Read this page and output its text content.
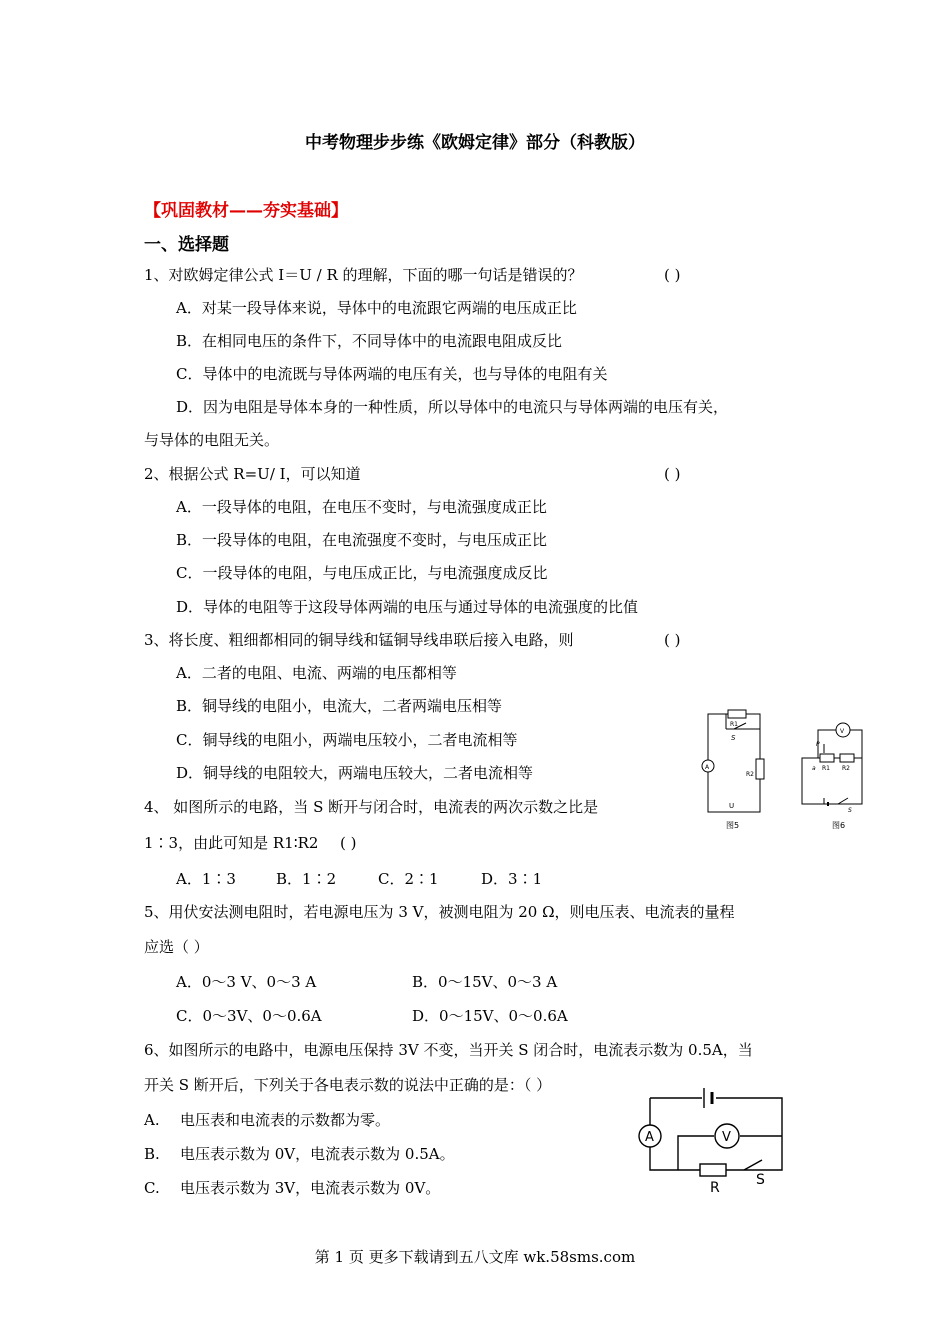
中考物理步步练《欧姆定律》部分（科教版）
【巩固教材——夯实基础】
一、选择题
1、对欧姆定律公式 I＝U / R 的理解，下面的哪一句话是错误的？	( )
A．对某一段导体来说，导体中的电流跟它两端的电压成正比
B．在相同电压的条件下，不同导体中的电流跟电阻成反比
C．导体中的电流既与导体两端的电压有关，也与导体的电阻有关
D．因为电阻是导体本身的一种性质，所以导体中的电流只与导体两端的电压有关，
与导体的电阻无关。
2、根据公式 R=U/ I，可以知道	( )
A．一段导体的电阻，在电压不变时，与电流强度成正比
B．一段导体的电阻，在电流强度不变时，与电压成正比
C．一段导体的电阻，与电压成正比，与电流强度成反比
D．导体的电阻等于这段导体两端的电压与通过导体的电流强度的比值
3、将长度、粗细都相同的铜导线和锰铜导线串联后接入电路，则	( )
A．二者的电阻、电流、两端的电压都相等
B．铜导线的电阻小，电流大，二者两端电压相等
C．铜导线的电阻小，两端电压较小，二者电流相等
D．铜导线的电阻较大，两端电压较大，二者电流相等
4、 如图所示的电路，当 S 断开与闭合时，电流表的两次示数之比是
1∶3，由此可知是 R1∶R2 ( )
A．1∶3	B．1∶2	C．2∶1	D．3∶1
5、用伏安法测电阻时，若电源电压为 3 V，被测电阻为 20 Ω，则电压表、电流表的量程
应选（ ）
A．0～3 V、0～3 A	B．0～15V、0～3 A
C．0～3V、0～0.6A	D．0～15V、0～0.6A
6、如图所示的电路中，电源电压保持 3V 不变，当开关 S 闭合时，电流表示数为 0.5A，当
开关 S 断开后，下列关于各电表示数的说法中正确的是：（ ）
A. 电压表和电流表的示数都为零。
B. 电压表示数为 0V，电流表示数为 0.5A。
C. 电压表示数为 3V，电流表示数为 0V。
R1
S
R2
A
U
图5
V
P
a R1 R2
S
图6
A	V
R	S
第 1 页 更多下载请到五八文库 wk.58sms.com
